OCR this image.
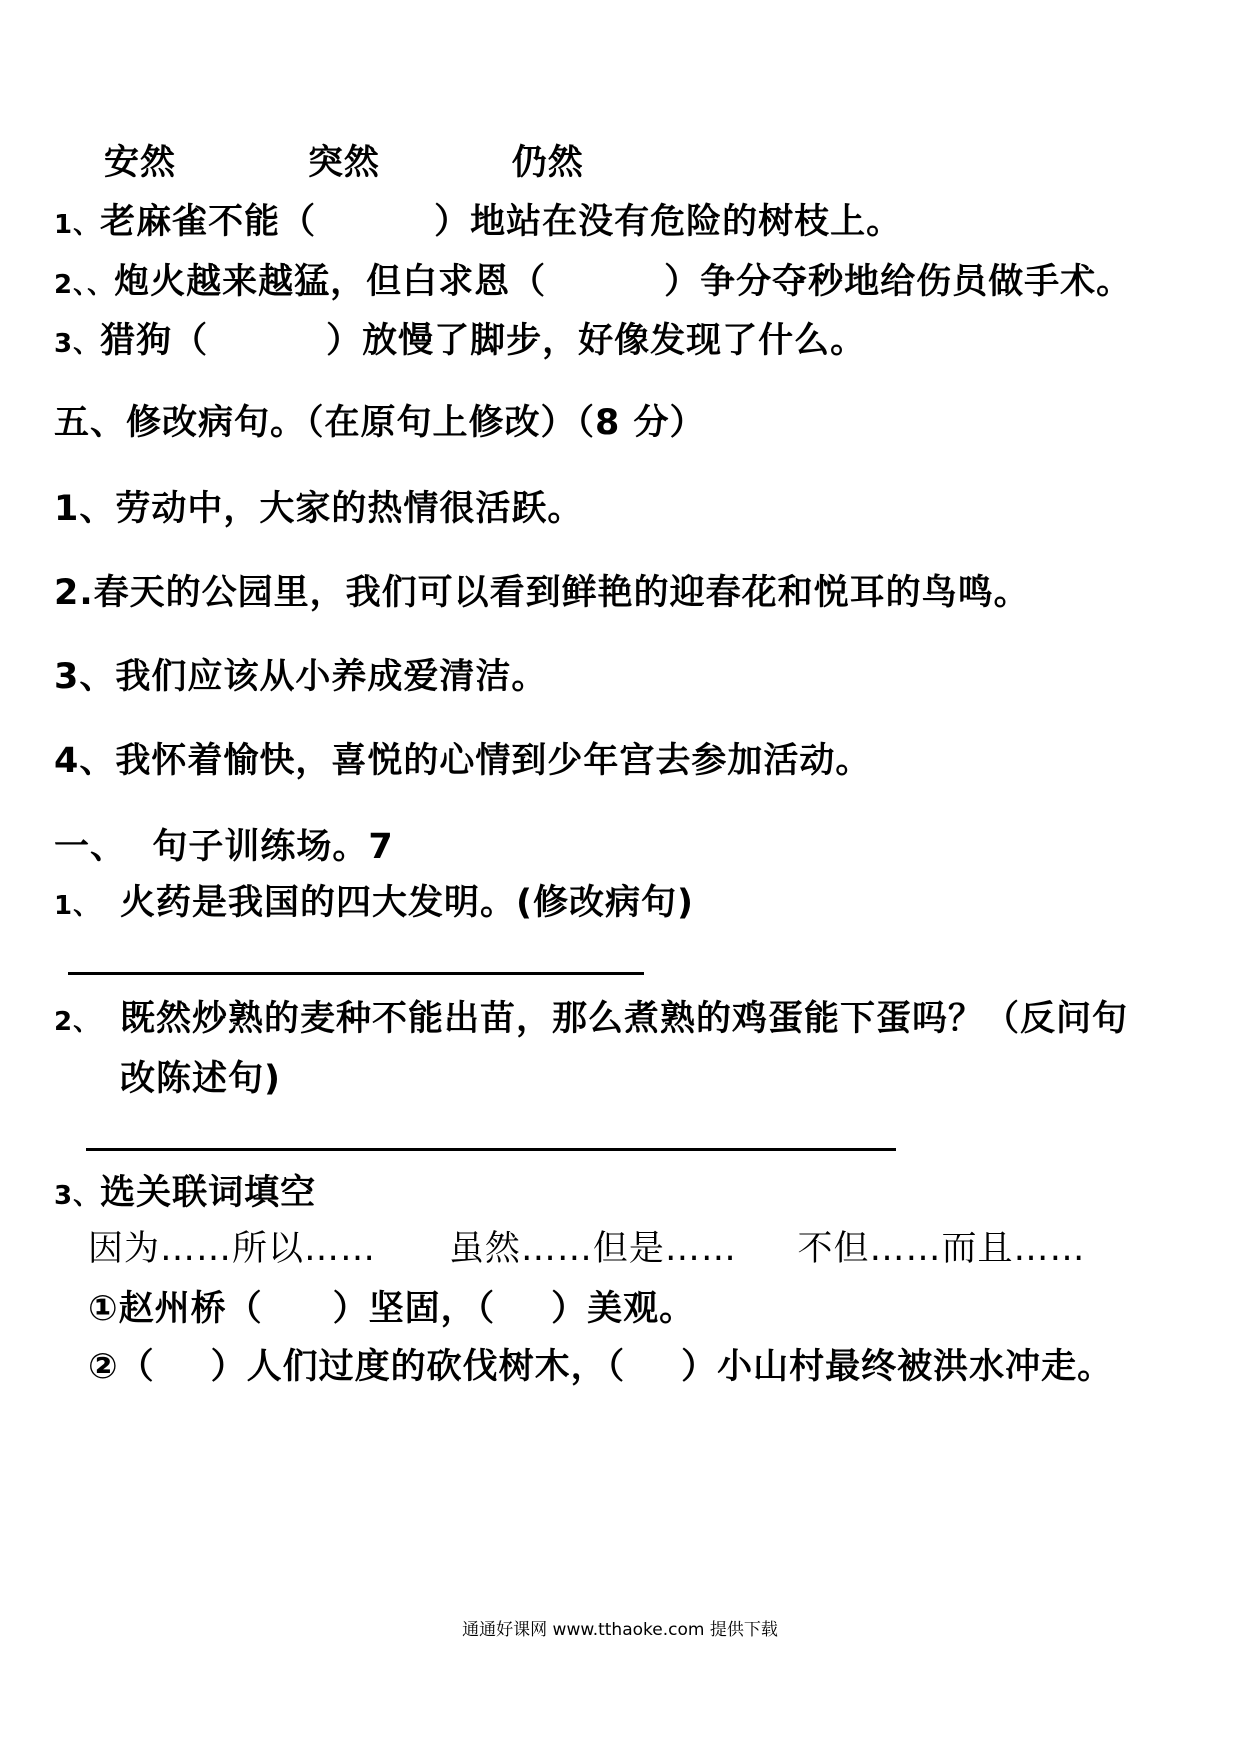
安然	突然	仍然
1、老麻雀不能（	）地站在没有危险的树枝上。
2、、炮火越来越猛，但白求恩（	）争分夺秒地给伤员做手术。
3、猎狗（	）放慢了脚步，好像发现了什么。
五、修改病句。（在原句上修改）（8 分）
1、劳动中，大家的热情很活跃。
2.春天的公园里，我们可以看到鲜艳的迎春花和悦耳的鸟鸣。
3、我们应该从小养成爱清洁。
4、我怀着愉快，喜悦的心情到少年宫去参加活动。
一、 句子训练场。7
1、 火药是我国的四大发明。(修改病句)
2、 既然炒熟的麦种不能出苗，那么煮熟的鸡蛋能下蛋吗？（反问句
改陈述句)
3、选关联词填空
因为……所以…… 虽然……但是…… 不但……而且……
①赵州桥（ ）坚固，（ ）美观。
②（ ）人们过度的砍伐树木，（ ）小山村最终被洪水冲走。
通通好课网 www.tthaoke.com 提供下载
